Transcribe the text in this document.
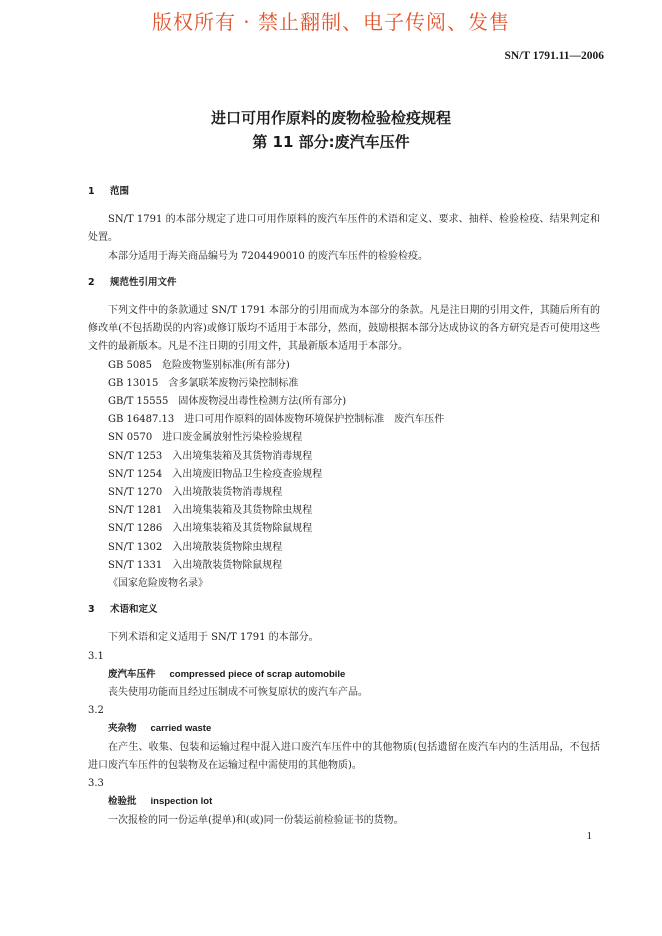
版权所有 · 禁止翻制、电子传阅、发售
SN/T 1791.11—2006
进口可用作原料的废物检验检疫规程
第 11 部分:废汽车压件
1 范围

SN/T 1791 的本部分规定了进口可用作原料的废汽车压件的术语和定义、要求、抽样、检验检疫、结果判定和处置。

本部分适用于海关商品编号为 7204490010 的废汽车压件的检验检疫。

2 规范性引用文件

下列文件中的条款通过 SN/T 1791 本部分的引用而成为本部分的条款。凡是注日期的引用文件，其随后所有的修改单(不包括勘误的内容)或修订版均不适用于本部分，然而，鼓励根据本部分达成协议的各方研究是否可使用这些文件的最新版本。凡是不注日期的引用文件，其最新版本适用于本部分。

GB 5085 危险废物鉴别标准(所有部分)
GB 13015 含多氯联苯废物污染控制标准
GB/T 15555 固体废物浸出毒性检测方法(所有部分)
GB 16487.13 进口可用作原料的固体废物环境保护控制标准　废汽车压件
SN 0570 进口废金属放射性污染检验规程
SN/T 1253 入出境集装箱及其货物消毒规程
SN/T 1254 入出境废旧物品卫生检疫查验规程
SN/T 1270 入出境散装货物消毒规程
SN/T 1281 入出境集装箱及其货物除虫规程
SN/T 1286 入出境集装箱及其货物除鼠规程
SN/T 1302 入出境散装货物除虫规程
SN/T 1331 入出境散装货物除鼠规程
《国家危险废物名录》
3 术语和定义

下列术语和定义适用于 SN/T 1791 的本部分。

3.1
废汽车压件 compressed piece of scrap automobile

丧失使用功能而且经过压制成不可恢复原状的废汽车产品。

3.2
夹杂物 carried waste

在产生、收集、包装和运输过程中混入进口废汽车压件中的其他物质(包括遗留在废汽车内的生活用品，不包括进口废汽车压件的包装物及在运输过程中需使用的其他物质)。

3.3
检验批 inspection lot

一次报检的同一份运单(提单)和(或)同一份装运前检验证书的货物。

1
